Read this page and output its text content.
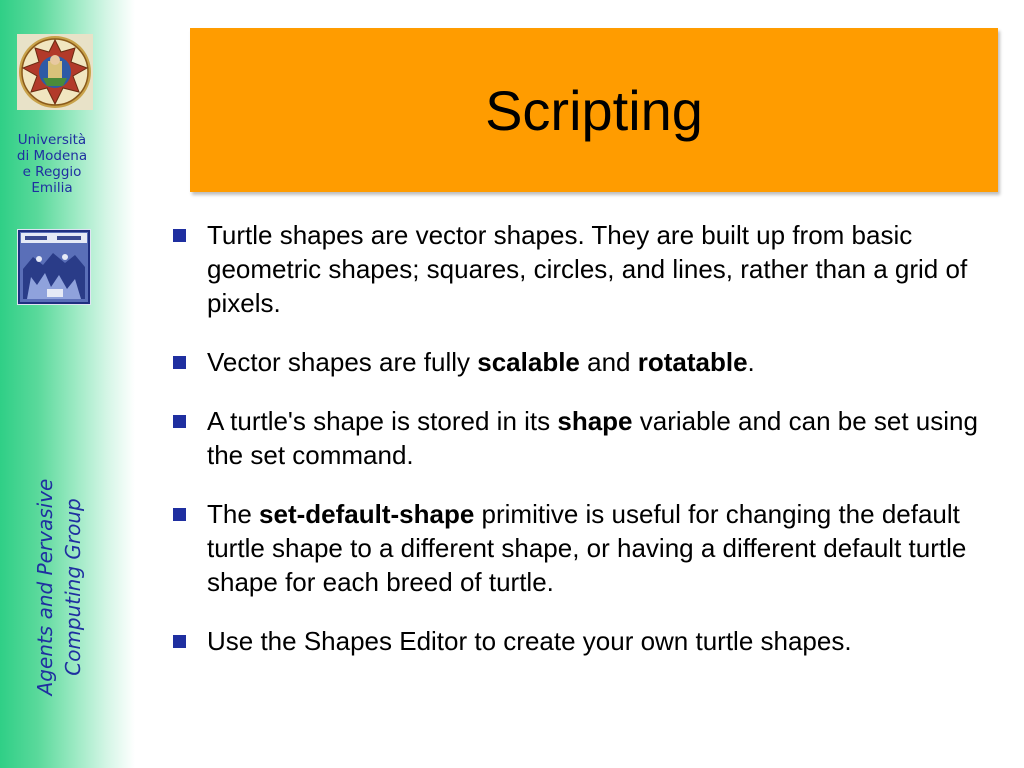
Università
di Modena
e Reggio
Emilia
Agents and Pervasive Computing Group
Scripting
Turtle shapes are vector shapes. They are built up from basic geometric shapes; squares, circles, and lines, rather than a grid of pixels.
Vector shapes are fully scalable and rotatable.
A turtle's shape is stored in its shape variable and can be set using the set command.
The set-default-shape primitive is useful for changing the default turtle shape to a different shape, or having a different default turtle shape for each breed of turtle.
Use the Shapes Editor to create your own turtle shapes.
